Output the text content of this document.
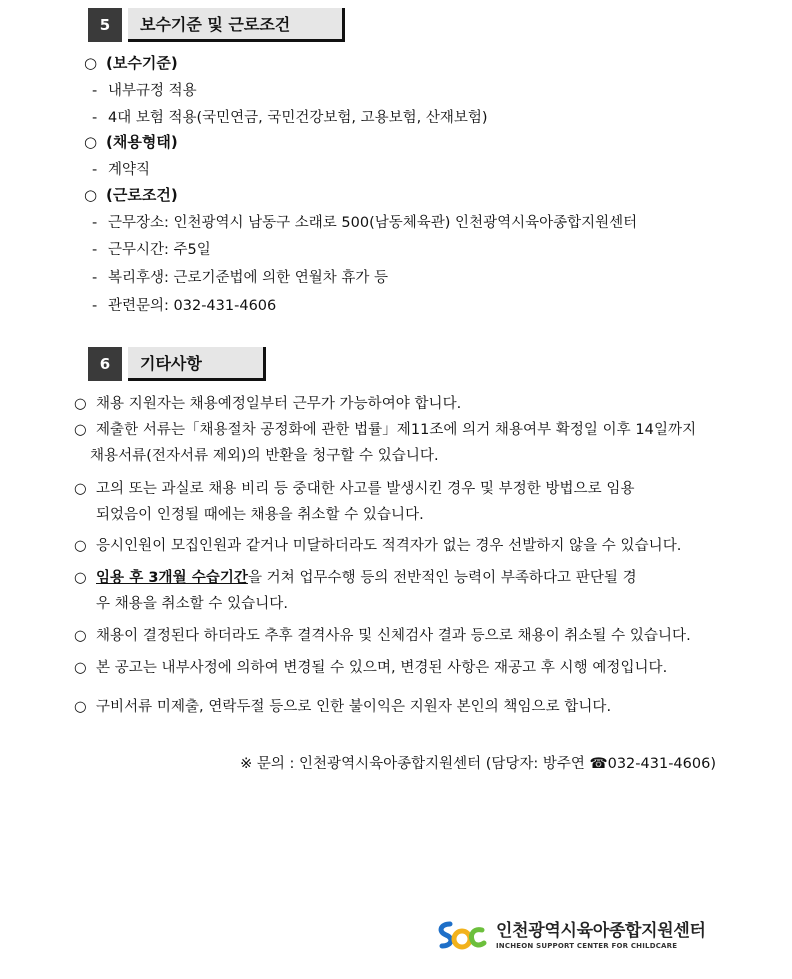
5	보수기준 및 근로조건
○ (보수기준)
- 내부규정 적용
- 4대 보험 적용(국민연금, 국민건강보험, 고용보험, 산재보험)
○ (채용형태)
- 계약직
○ (근로조건)
- 근무장소: 인천광역시 남동구 소래로 500(남동체육관) 인천광역시육아종합지원센터
- 근무시간: 주5일
- 복리후생: 근로기준법에 의한 연월차 휴가 등
- 관련문의: 032-431-4606
6	기타사항
○ 채용 지원자는 채용예정일부터 근무가 가능하여야 합니다.
○ 제출한 서류는「채용절차 공정화에 관한 법률」제11조에 의거 채용여부 확정일 이후 14일까지
채용서류(전자서류 제외)의 반환을 청구할 수 있습니다.
○ 고의 또는 과실로 채용 비리 등 중대한 사고를 발생시킨 경우 및 부정한 방법으로 임용
되었음이 인정될 때에는 채용을 취소할 수 있습니다.
○ 응시인원이 모집인원과 같거나 미달하더라도 적격자가 없는 경우 선발하지 않을 수 있습니다.
○ 임용 후 3개월 수습기간을 거쳐 업무수행 등의 전반적인 능력이 부족하다고 판단될 경
우 채용을 취소할 수 있습니다.
○ 채용이 결정된다 하더라도 추후 결격사유 및 신체검사 결과 등으로 채용이 취소될 수 있습니다.
○ 본 공고는 내부사정에 의하여 변경될 수 있으며, 변경된 사항은 재공고 후 시행 예정입니다.
○ 구비서류 미제출, 연락두절 등으로 인한 불이익은 지원자 본인의 책임으로 합니다.
※ 문의 : 인천광역시육아종합지원센터 (담당자: 방주연 ☎032-431-4606)
인천광역시육아종합지원센터
INCHEON SUPPORT CENTER FOR CHILDCARE
